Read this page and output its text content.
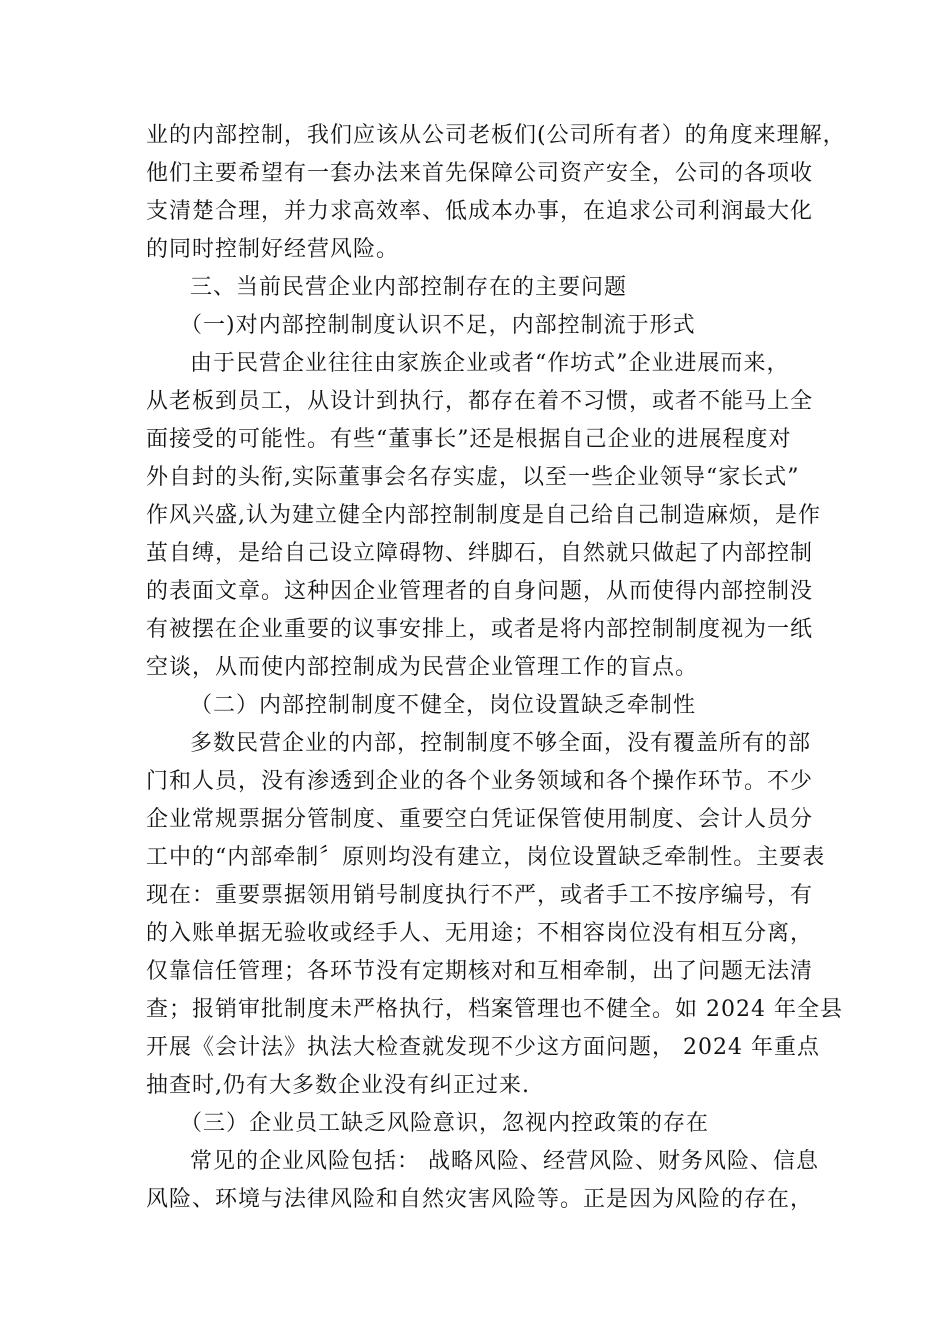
业的内部控制，我们应该从公司老板们(公司所有者）的角度来理解，
他们主要希望有一套办法来首先保障公司资产安全，公司的各项收
支清楚合理，并力求高效率、低成本办事，在追求公司利润最大化
的同时控制好经营风险。
三、当前民营企业内部控制存在的主要问题
（一)对内部控制制度认识不足，内部控制流于形式
由于民营企业往往由家族企业或者“作坊式”企业进展而来，
从老板到员工，从设计到执行，都存在着不习惯，或者不能马上全
面接受的可能性。有些“董事长”还是根据自己企业的进展程度对
外自封的头衔,实际董事会名存实虚，以至一些企业领导“家长式”
作风兴盛,认为建立健全内部控制制度是自己给自己制造麻烦，是作
茧自缚，是给自己设立障碍物、绊脚石，自然就只做起了内部控制
的表面文章。这种因企业管理者的自身问题，从而使得内部控制没
有被摆在企业重要的议事安排上，或者是将内部控制制度视为一纸
空谈，从而使内部控制成为民营企业管理工作的盲点。
（二）内部控制制度不健全，岗位设置缺乏牵制性
多数民营企业的内部，控制制度不够全面，没有覆盖所有的部
门和人员，没有渗透到企业的各个业务领域和各个操作环节。不少
企业常规票据分管制度、重要空白凭证保管使用制度、会计人员分
工中的“内部牵制〞原则均没有建立，岗位设置缺乏牵制性。主要表
现在：重要票据领用销号制度执行不严，或者手工不按序编号，有
的入账单据无验收或经手人、无用途；不相容岗位没有相互分离，
仅靠信任管理；各环节没有定期核对和互相牵制，出了问题无法清
查；报销审批制度未严格执行，档案管理也不健全。如 2024 年全县
开展《会计法》执法大检查就发现不少这方面问题， 2024 年重点
抽查时,仍有大多数企业没有纠正过来.
（三）企业员工缺乏风险意识，忽视内控政策的存在
常见的企业风险包括： 战略风险、经营风险、财务风险、信息
风险、环境与法律风险和自然灾害风险等。正是因为风险的存在，
